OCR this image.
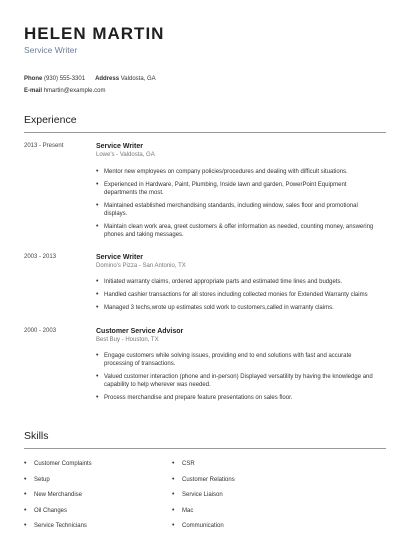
HELEN MARTIN
Service Writer
Phone (930) 555-3301 Address Valdosta, GA
E-mail hmartin@example.com
Experience
2013 - Present	Service Writer
Lowe's - Valdosta, GA
• Mentor new employees on company policies/procedures and dealing with difficult situations.
• Experienced in Hardware, Paint, Plumbing, Inside lawn and garden, PowerPoint Equipment departments the most.
• Maintained established merchandising standards, including window, sales floor and promotional displays.
• Maintain clean work area, greet customers & offer information as needed, counting money, answering phones and taking messages.
2003 - 2013	Service Writer
Domino's Pizza - San Antonio, TX
• Initiated warranty claims, ordered appropriate parts and estimated time lines and budgets.
• Handled cashier transactions for all stores including collected monies for Extended Warranty claims
• Managed 3 techs,wrote up estimates sold work to customers,called in warranty claims.
2000 - 2003	Customer Service Advisor
Best Buy - Houston, TX
• Engage customers while solving issues, providing end to end solutions with fast and accurate processing of transactions.
• Valued customer interaction (phone and in-person) Displayed versatility by having the knowledge and capability to help wherever was needed.
• Process merchandise and prepare feature presentations on sales floor.
Skills
• Customer Complaints
• Setup
• New Merchandise
• Oil Changes
• Service Technicians
• CSR
• Customer Relations
• Service Liaison
• Mac
• Communication
